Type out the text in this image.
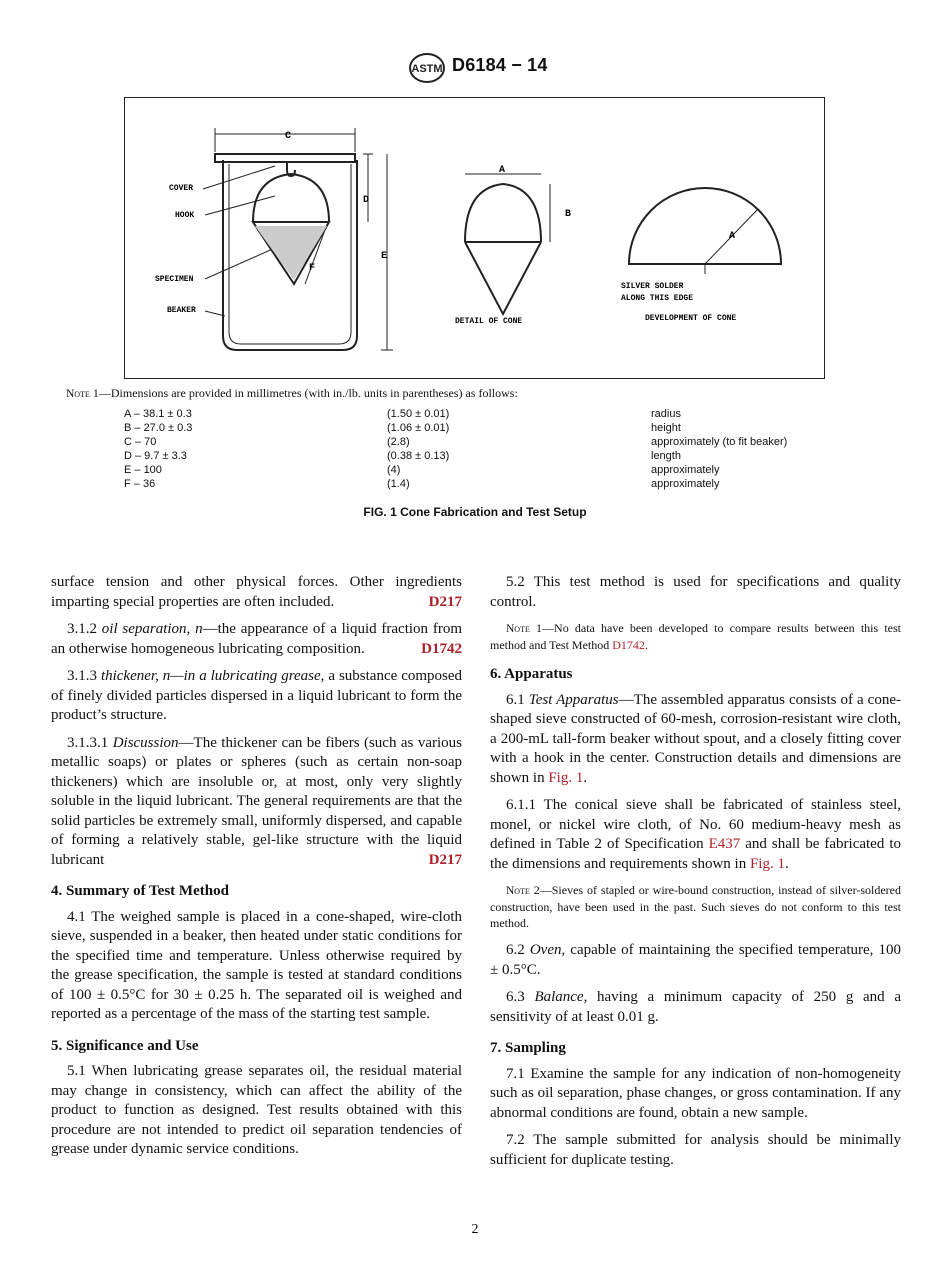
ASTM D6184 − 14
C
D
E
F
COVER
HOOK
SPECIMEN
BEAKER
A
B
A
DETAIL OF CONE	DEVELOPMENT OF CONE
SILVER SOLDER
ALONG THIS EDGE
Note 1—Dimensions are provided in millimetres (with in./lb. units in parentheses) as follows:
A – 38.1 ± 0.3	(1.50 ± 0.01)	radius
B – 27.0 ± 0.3	(1.06 ± 0.01)	height
C – 70	(2.8)	approximately (to fit beaker)
D – 9.7 ± 3.3	(0.38 ± 0.13)	length
E – 100	(4)	approximately
F – 36	(1.4)	approximately
FIG. 1 Cone Fabrication and Test Setup

surface tension and other physical forces. Other ingredients imparting special properties are often included.	D217

3.1.2 oil separation, n—the appearance of a liquid fraction from an otherwise homogeneous lubricating composition.	D1742

3.1.3 thickener, n—in a lubricating grease, a substance composed of finely divided particles dispersed in a liquid lubricant to form the product’s structure.

3.1.3.1 Discussion—The thickener can be fibers (such as various metallic soaps) or plates or spheres (such as certain non-soap thickeners) which are insoluble or, at most, only very slightly soluble in the liquid lubricant. The general requirements are that the solid particles be extremely small, uniformly dispersed, and capable of forming a relatively stable, gel-like structure with the liquid lubricant	D217

4. Summary of Test Method

4.1 The weighed sample is placed in a cone-shaped, wire-cloth sieve, suspended in a beaker, then heated under static conditions for the specified time and temperature. Unless otherwise required by the grease specification, the sample is tested at standard conditions of 100 ± 0.5°C for 30 ± 0.25 h. The separated oil is weighed and reported as a percentage of the mass of the starting test sample.

5. Significance and Use

5.1 When lubricating grease separates oil, the residual material may change in consistency, which can affect the ability of the product to function as designed. Test results obtained with this procedure are not intended to predict oil separation tendencies of grease under dynamic service conditions.

5.2 This test method is used for specifications and quality control.

Note 1—No data have been developed to compare results between this test method and Test Method D1742.
6. Apparatus

6.1 Test Apparatus—The assembled apparatus consists of a cone-shaped sieve constructed of 60-mesh, corrosion-resistant wire cloth, a 200-mL tall-form beaker without spout, and a closely fitting cover with a hook in the center. Construction details and dimensions are shown in Fig. 1.

6.1.1 The conical sieve shall be fabricated of stainless steel, monel, or nickel wire cloth, of No. 60 medium-heavy mesh as defined in Table 2 of Specification E437 and shall be fabricated to the dimensions and requirements shown in Fig. 1.

Note 2—Sieves of stapled or wire-bound construction, instead of silver-soldered construction, have been used in the past. Such sieves do not conform to this test method.

6.2 Oven, capable of maintaining the specified temperature, 100 ± 0.5°C.

6.3 Balance, having a minimum capacity of 250 g and a sensitivity of at least 0.01 g.

7. Sampling

7.1 Examine the sample for any indication of non-homogeneity such as oil separation, phase changes, or gross contamination. If any abnormal conditions are found, obtain a new sample.

7.2 The sample submitted for analysis should be minimally sufficient for duplicate testing.

2
